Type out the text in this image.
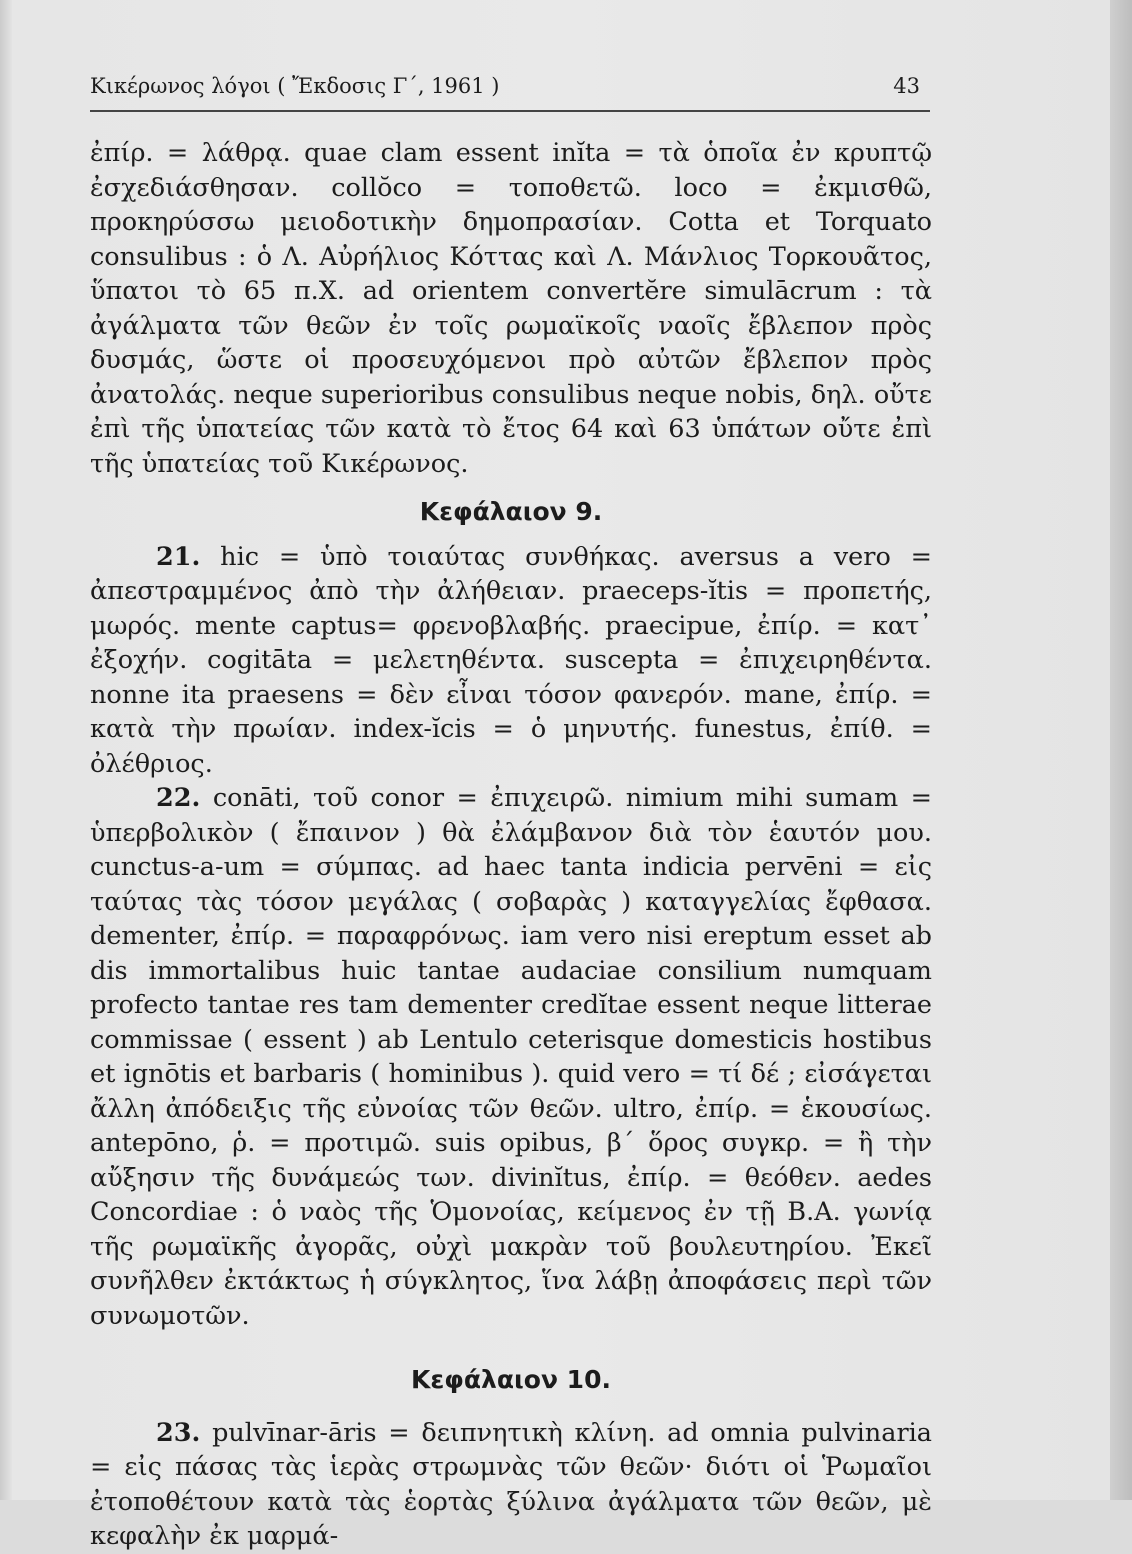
Κικέρωνος λόγοι ( Ἔκδοσις Γ΄, 1961 )	43

ἐπίρ. = λάθρᾳ. quae clam essent inĭta = τὰ ὁποῖα ἐν κρυπτῷ ἐσχεδιάσθησαν. collŏco = τοποθετῶ. loco = ἐκμισθῶ, προκηρύσσω μειοδοτικὴν δημοπρασίαν. Cotta et Torquato consulibus : ὁ Λ. Αὐρήλιος Κόττας καὶ Λ. Μάνλιος Τορκουᾶτος, ὕπατοι τὸ 65 π.Χ. ad orientem convertĕre simulācrum : τὰ ἀγάλματα τῶν θεῶν ἐν τοῖς ρωμαϊκοῖς ναοῖς ἔβλεπον πρὸς δυσμάς, ὥστε οἱ προσευχόμενοι πρὸ αὐτῶν ἔβλεπον πρὸς ἀνατολάς. neque superioribus consulibus neque nobis, δηλ. οὔτε ἐπὶ τῆς ὑπατείας τῶν κατὰ τὸ ἔτος 64 καὶ 63 ὑπάτων οὔτε ἐπὶ τῆς ὑπατείας τοῦ Κικέρωνος.

Κεφάλαιον 9.

21. hic = ὑπὸ τοιαύτας συνθήκας. aversus a vero = ἀπεστραμμένος ἀπὸ τὴν ἀλήθειαν. praeceps-ĭtis = προπετής, μωρός. mente captus= φρενοβλαβής. praecipue, ἐπίρ. = κατ᾽ ἐξοχήν. cogitāta = μελετηθέντα. suscepta = ἐπιχειρηθέντα. nonne ita praesens = δὲν εἶναι τόσον φανερόν. mane, ἐπίρ. = κατὰ τὴν πρωίαν. index-ĭcis = ὁ μηνυτής. funestus, ἐπίθ. = ὀλέθριος.

22. conāti, τοῦ conor = ἐπιχειρῶ. nimium mihi sumam = ὑπερβολικὸν ( ἔπαινον ) θὰ ἐλάμβανον διὰ τὸν ἑαυτόν μου. cunctus-a-um = σύμπας. ad haec tanta indicia pervēni = εἰς ταύτας τὰς τόσον μεγάλας ( σοβαρὰς ) καταγγελίας ἔφθασα. dementer, ἐπίρ. = παραφρόνως. iam vero nisi ereptum esset ab dis immortalibus huic tantae audaciae consilium numquam profecto tantae res tam dementer credĭtae essent neque litterae commissae ( essent ) ab Lentulo ceterisque domesticis hostibus et ignōtis et barbaris ( hominibus ). quid vero = τί δέ ; εἰσάγεται ἄλλη ἀπόδειξις τῆς εὐνοίας τῶν θεῶν. ultro, ἐπίρ. = ἑκουσίως. antepōno, ῥ. = προτιμῶ. suis opibus, β΄ ὅρος συγκρ. = ἢ τὴν αὔξησιν τῆς δυνάμεώς των. divinĭtus, ἐπίρ. = θεόθεν. aedes Concordiae : ὁ ναὸς τῆς Ὁμονοίας, κείμενος ἐν τῇ Β.Α. γωνίᾳ τῆς ρωμαϊκῆς ἀγορᾶς, οὐχὶ μακρὰν τοῦ βουλευτηρίου. Ἐκεῖ συνῆλθεν ἐκτάκτως ἡ σύγκλητος, ἵνα λάβῃ ἀποφάσεις περὶ τῶν συνωμοτῶν.

Κεφάλαιον 10.

23. pulvīnar-āris = δειπνητικὴ κλίνη. ad omnia pulvinaria = εἰς πάσας τὰς ἱερὰς στρωμνὰς τῶν θεῶν· διότι οἱ Ῥωμαῖοι ἐτοποθέτουν κατὰ τὰς ἑορτὰς ξύλινα ἀγάλματα τῶν θεῶν, μὲ κεφαλὴν ἐκ μαρμά-
